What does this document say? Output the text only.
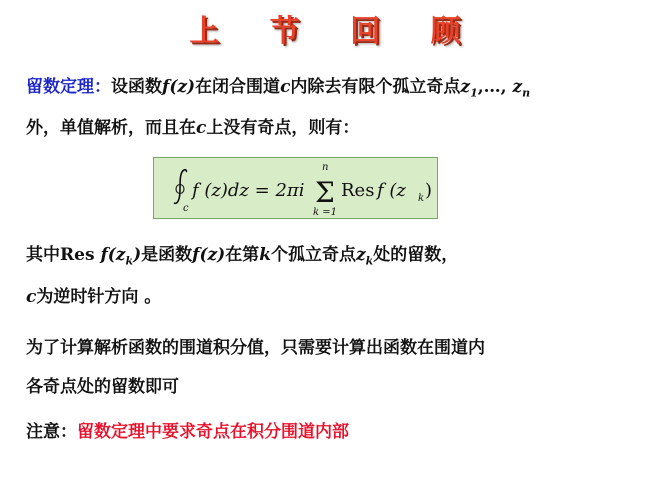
上 节 回 顾
留数定理：设函数f(z)在闭合围道c内除去有限个孤立奇点$z_1,\dots$, $z_n$
外，单值解析，而且在c上没有奇点，则有：
c
f (z)dz = 2πi
n
Σ
k =1
Res f (z k )
其中Res $f(z_k)$是函数f(z)在第k个孤立奇点$z_k$处的留数，
c为逆时针方向 。
为了计算解析函数的围道积分值，只需要计算出函数在围道内
各奇点处的留数即可
注意：留数定理中要求奇点在积分围道内部
